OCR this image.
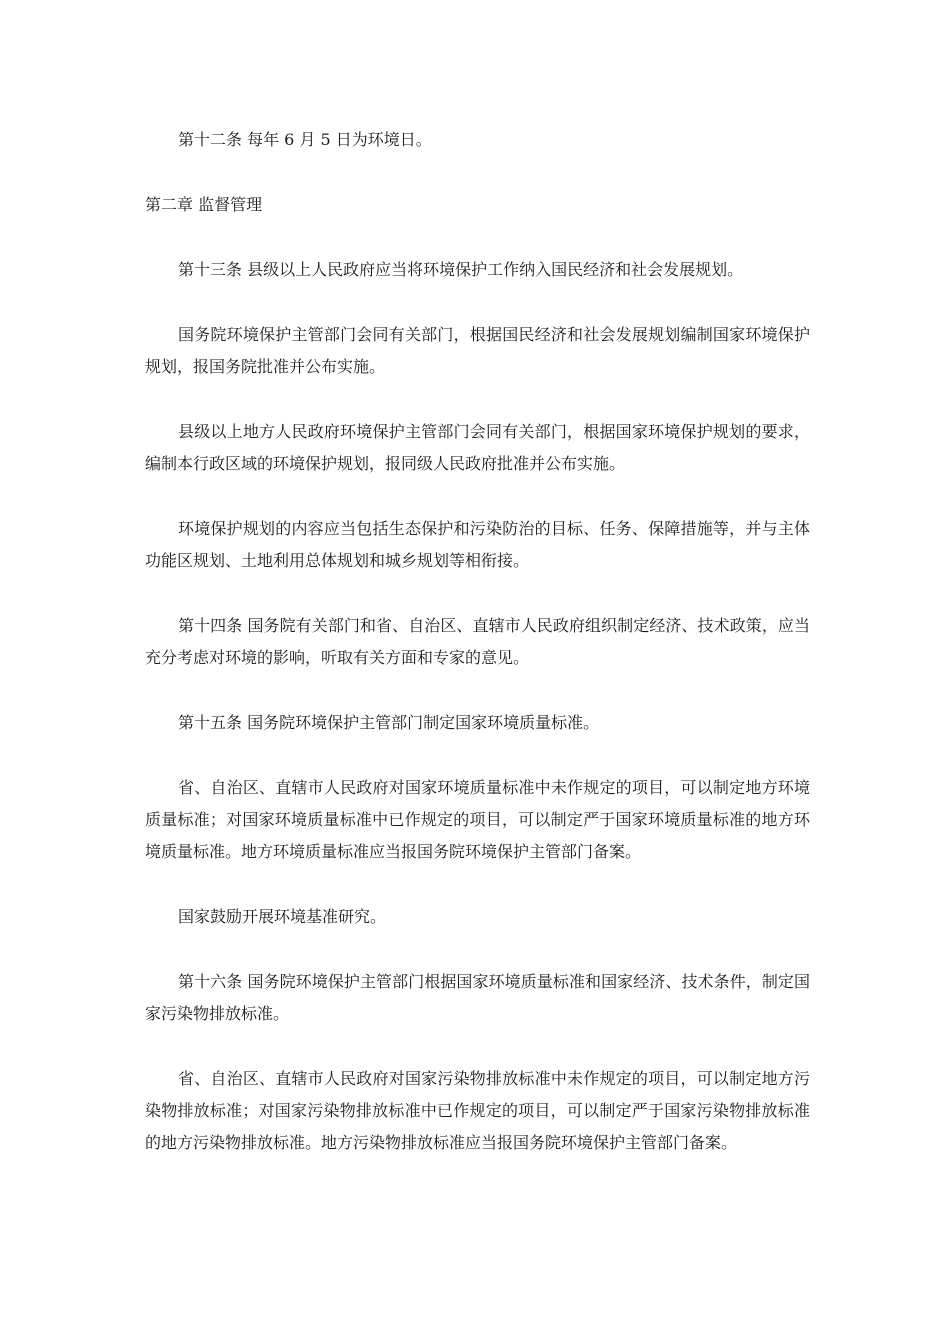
第十二条 每年 6 月 5 日为环境日。

第二章 监督管理

第十三条 县级以上人民政府应当将环境保护工作纳入国民经济和社会发展规划。

国务院环境保护主管部门会同有关部门，根据国民经济和社会发展规划编制国家环境保护规划，报国务院批准并公布实施。

县级以上地方人民政府环境保护主管部门会同有关部门，根据国家环境保护规划的要求，编制本行政区域的环境保护规划，报同级人民政府批准并公布实施。

环境保护规划的内容应当包括生态保护和污染防治的目标、任务、保障措施等，并与主体功能区规划、土地利用总体规划和城乡规划等相衔接。

第十四条 国务院有关部门和省、自治区、直辖市人民政府组织制定经济、技术政策，应当充分考虑对环境的影响，听取有关方面和专家的意见。

第十五条 国务院环境保护主管部门制定国家环境质量标准。

省、自治区、直辖市人民政府对国家环境质量标准中未作规定的项目，可以制定地方环境质量标准；对国家环境质量标准中已作规定的项目，可以制定严于国家环境质量标准的地方环境质量标准。地方环境质量标准应当报国务院环境保护主管部门备案。

国家鼓励开展环境基准研究。

第十六条 国务院环境保护主管部门根据国家环境质量标准和国家经济、技术条件，制定国家污染物排放标准。

省、自治区、直辖市人民政府对国家污染物排放标准中未作规定的项目，可以制定地方污染物排放标准；对国家污染物排放标准中已作规定的项目，可以制定严于国家污染物排放标准的地方污染物排放标准。地方污染物排放标准应当报国务院环境保护主管部门备案。
